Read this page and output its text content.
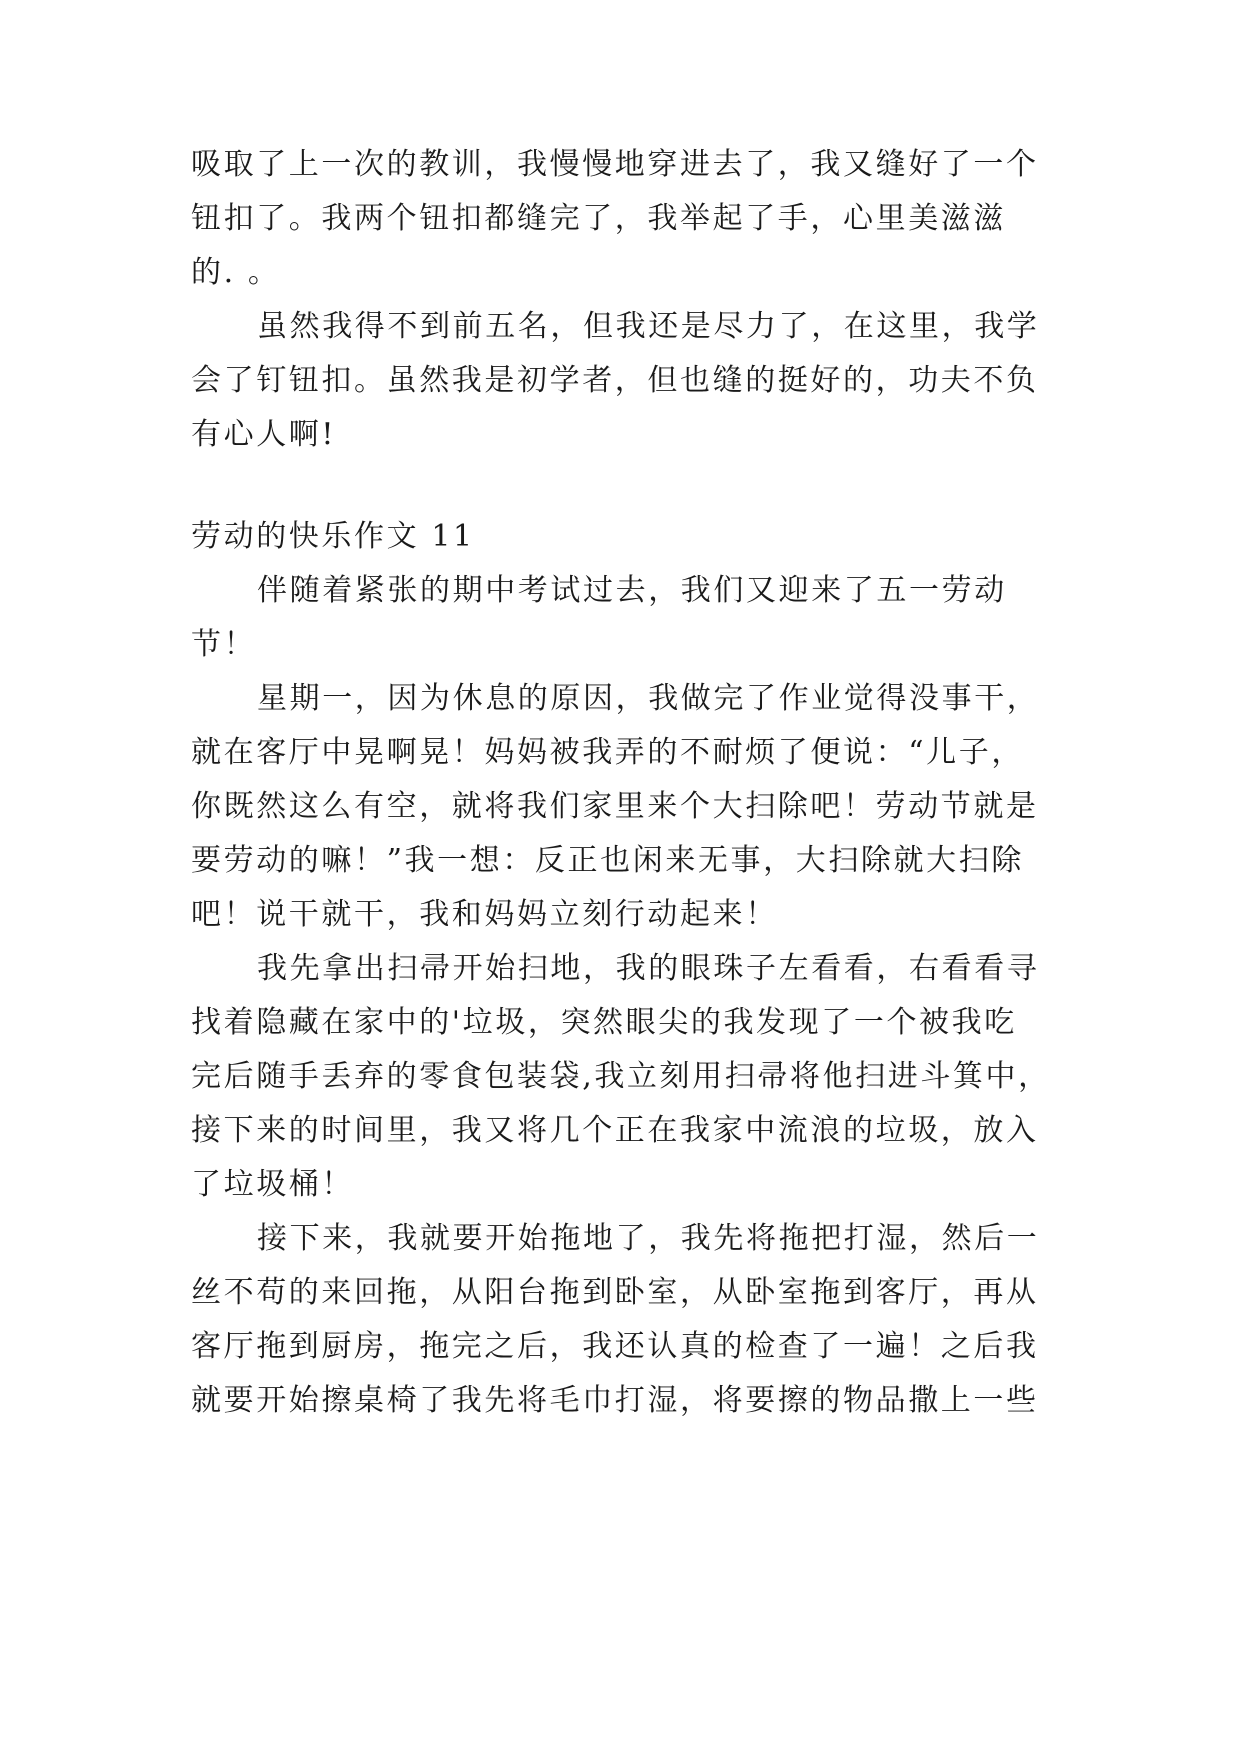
吸取了上一次的教训，我慢慢地穿进去了，我又缝好了一个
钮扣了。我两个钮扣都缝完了，我举起了手，心里美滋滋
的. 。
虽然我得不到前五名，但我还是尽力了，在这里，我学
会了钉钮扣。虽然我是初学者，但也缝的挺好的，功夫不负
有心人啊!
劳动的快乐作文 11
伴随着紧张的期中考试过去，我们又迎来了五一劳动
节！
星期一，因为休息的原因，我做完了作业觉得没事干，
就在客厅中晃啊晃！妈妈被我弄的不耐烦了便说：“儿子，
你既然这么有空，就将我们家里来个大扫除吧！劳动节就是
要劳动的嘛！”我一想：反正也闲来无事，大扫除就大扫除
吧！说干就干，我和妈妈立刻行动起来！
我先拿出扫帚开始扫地，我的眼珠子左看看，右看看寻
找着隐藏在家中的'垃圾，突然眼尖的我发现了一个被我吃
完后随手丢弃的零食包装袋,我立刻用扫帚将他扫进斗箕中，
接下来的时间里，我又将几个正在我家中流浪的垃圾，放入
了垃圾桶！
接下来，我就要开始拖地了，我先将拖把打湿，然后一
丝不苟的来回拖，从阳台拖到卧室，从卧室拖到客厅，再从
客厅拖到厨房，拖完之后，我还认真的检查了一遍！之后我
就要开始擦桌椅了我先将毛巾打湿，将要擦的物品撒上一些
